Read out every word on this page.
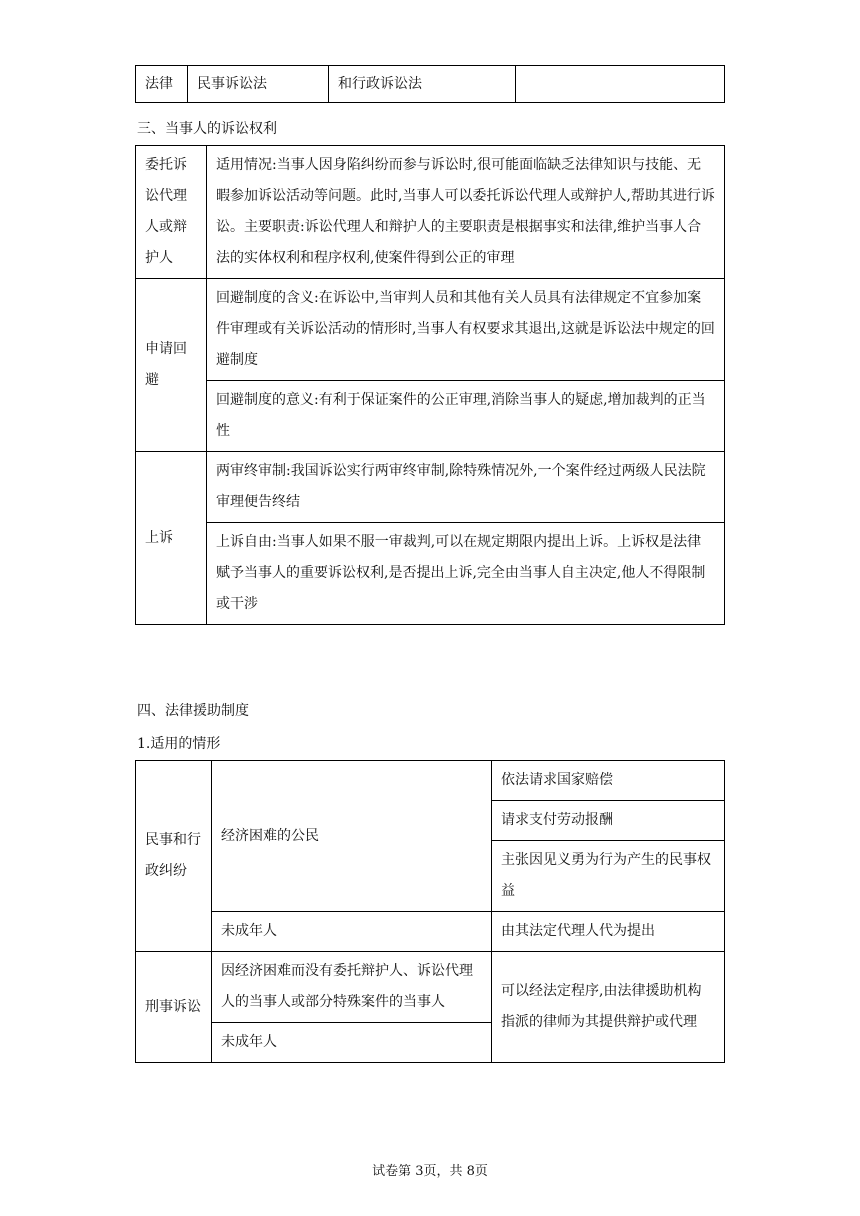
法律	民事诉讼法	和行政诉讼法	
三、当事人的诉讼权利
委托诉讼代理人或辩护人	适用情况:当事人因身陷纠纷而参与诉讼时,很可能面临缺乏法律知识与技能、无暇参加诉讼活动等问题。此时,当事人可以委托诉讼代理人或辩护人,帮助其进行诉讼。主要职责:诉讼代理人和辩护人的主要职责是根据事实和法律,维护当事人合法的实体权利和程序权利,使案件得到公正的审理
申请回避	回避制度的含义:在诉讼中,当审判人员和其他有关人员具有法律规定不宜参加案件审理或有关诉讼活动的情形时,当事人有权要求其退出,这就是诉讼法中规定的回避制度
	回避制度的意义:有利于保证案件的公正审理,消除当事人的疑虑,增加裁判的正当性
上诉	两审终审制:我国诉讼实行两审终审制,除特殊情况外,一个案件经过两级人民法院审理便告终结
	上诉自由:当事人如果不服一审裁判,可以在规定期限内提出上诉。上诉权是法律赋予当事人的重要诉讼权利,是否提出上诉,完全由当事人自主决定,他人不得限制或干涉
四、法律援助制度
1.适用的情形
民事和行政纠纷	经济困难的公民	依法请求国家赔偿
		请求支付劳动报酬
		主张因见义勇为行为产生的民事权益
	未成年人	由其法定代理人代为提出
刑事诉讼	因经济困难而没有委托辩护人、诉讼代理人的当事人或部分特殊案件的当事人	可以经法定程序,由法律援助机构指派的律师为其提供辩护或代理
	未成年人	
试卷第 3页，共 8页
